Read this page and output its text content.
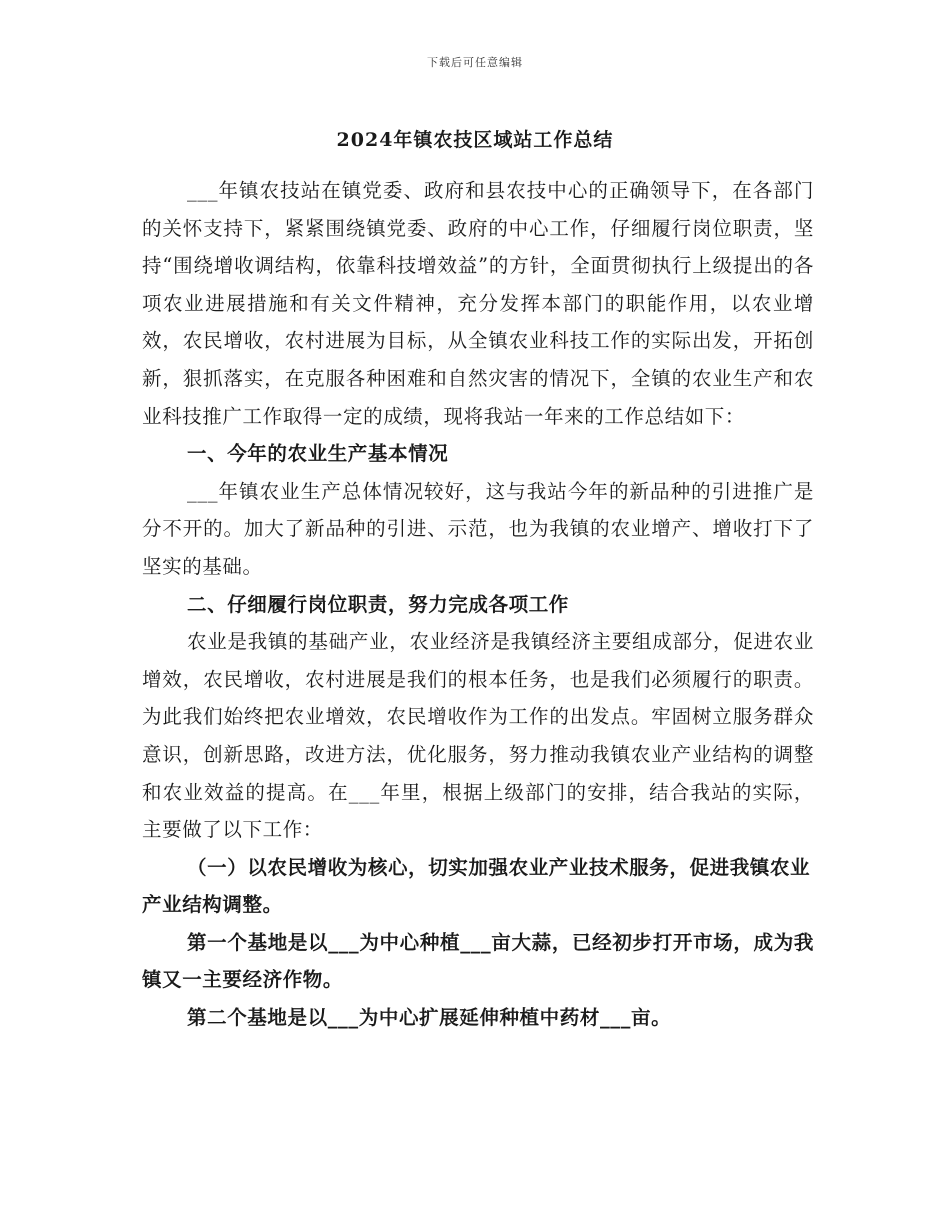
下载后可任意编辑
2024年镇农技区域站工作总结

___年镇农技站在镇党委、政府和县农技中心的正确领导下，在各部门的关怀支持下，紧紧围绕镇党委、政府的中心工作，仔细履行岗位职责，坚持“围绕增收调结构，依靠科技增效益”的方针，全面贯彻执行上级提出的各项农业进展措施和有关文件精神，充分发挥本部门的职能作用，以农业增效，农民增收，农村进展为目标，从全镇农业科技工作的实际出发，开拓创新，狠抓落实，在克服各种困难和自然灾害的情况下，全镇的农业生产和农业科技推广工作取得一定的成绩，现将我站一年来的工作总结如下：

一、今年的农业生产基本情况

___年镇农业生产总体情况较好，这与我站今年的新品种的引进推广是分不开的。加大了新品种的引进、示范，也为我镇的农业增产、增收打下了坚实的基础。

二、仔细履行岗位职责，努力完成各项工作

农业是我镇的基础产业，农业经济是我镇经济主要组成部分，促进农业增效，农民增收，农村进展是我们的根本任务，也是我们必须履行的职责。为此我们始终把农业增效，农民增收作为工作的出发点。牢固树立服务群众意识，创新思路，改进方法，优化服务，努力推动我镇农业产业结构的调整和农业效益的提高。在___年里，根据上级部门的安排，结合我站的实际，主要做了以下工作：

（一）以农民增收为核心，切实加强农业产业技术服务，促进我镇农业产业结构调整。

第一个基地是以___为中心种植___亩大蒜，已经初步打开市场，成为我镇又一主要经济作物。

第二个基地是以___为中心扩展延伸种植中药材___亩。
